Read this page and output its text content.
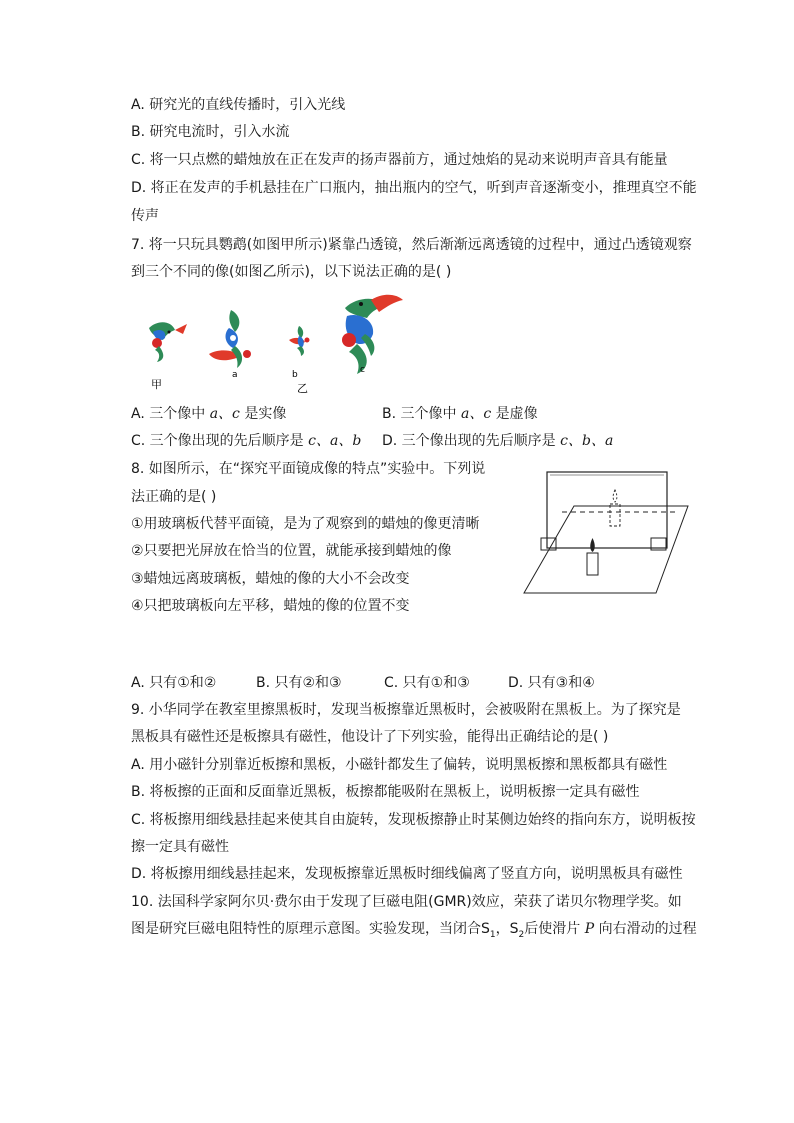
A. 研究光的直线传播时，引入光线
B. 研究电流时，引入水流
C. 将一只点燃的蜡烛放在正在发声的扬声器前方，通过烛焰的晃动来说明声音具有能量
D. 将正在发声的手机悬挂在广口瓶内，抽出瓶内的空气，听到声音逐渐变小，推理真空不能
传声
7. 将一只玩具鹦鹉(如图甲所示)紧靠凸透镜，然后渐渐远离透镜的过程中，通过凸透镜观察
到三个不同的像(如图乙所示)，以下说法正确的是( )
甲
a	b
乙
c
A. 三个像中 a、c 是实像	B. 三个像中 a、c 是虚像
C. 三个像出现的先后顺序是 c、a、b D. 三个像出现的先后顺序是 c、b、a
8. 如图所示，在“探究平面镜成像的特点”实验中。下列说
法正确的是( )
①用玻璃板代替平面镜，是为了观察到的蜡烛的像更清晰
②只要把光屏放在恰当的位置，就能承接到蜡烛的像
③蜡烛远离玻璃板，蜡烛的像的大小不会改变
④只把玻璃板向左平移，蜡烛的像的位置不变
A. 只有①和②	B. 只有②和③	C. 只有①和③	D. 只有③和④
9. 小华同学在教室里擦黑板时，发现当板擦靠近黑板时，会被吸附在黑板上。为了探究是
黑板具有磁性还是板擦具有磁性，他设计了下列实验，能得出正确结论的是( )
A. 用小磁针分别靠近板擦和黑板，小磁针都发生了偏转，说明黑板擦和黑板都具有磁性
B. 将板擦的正面和反面靠近黑板，板擦都能吸附在黑板上，说明板擦一定具有磁性
C. 将板擦用细线悬挂起来使其自由旋转，发现板擦静止时某侧边始终的指向东方，说明板按
擦一定具有磁性
D. 将板擦用细线悬挂起来，发现板擦靠近黑板时细线偏离了竖直方向，说明黑板具有磁性
10. 法国科学家阿尔贝·费尔由于发现了巨磁电阻(GMR)效应，荣获了诺贝尔物理学奖。如
图是研究巨磁电阻特性的原理示意图。实验发现，当闭合$S_1$，$S_2$后使滑片 P 向右滑动的过程
